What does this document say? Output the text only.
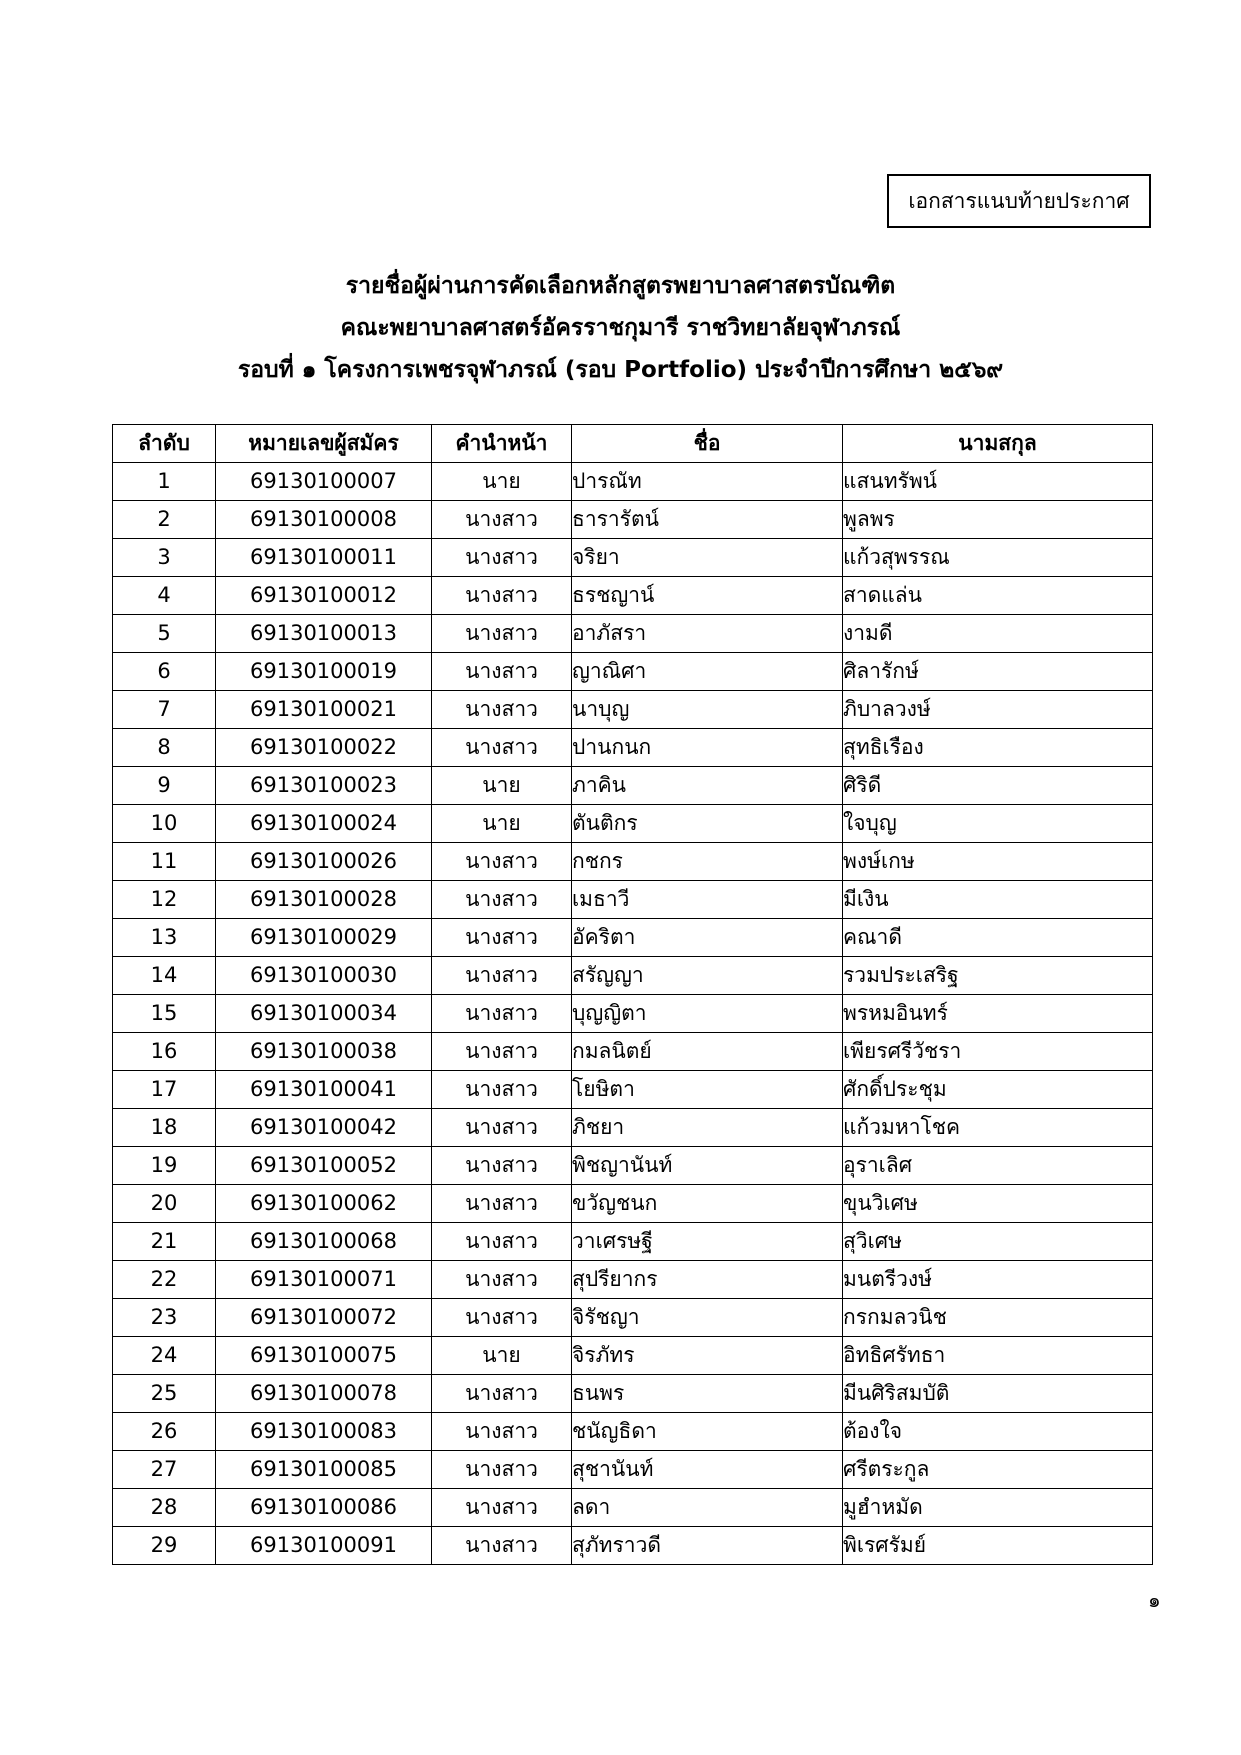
เอกสารแนบท้ายประกาศ
รายชื่อผู้ผ่านการคัดเลือกหลักสูตรพยาบาลศาสตรบัณฑิต
คณะพยาบาลศาสตร์อัครราชกุมารี ราชวิทยาลัยจุฬาภรณ์
รอบที่ ๑ โครงการเพชรจุฬาภรณ์ (รอบ Portfolio) ประจำปีการศึกษา ๒๕๖๙
ลำดับ	หมายเลขผู้สมัคร	คำนำหน้า	ชื่อ	นามสกุล
1	69130100007	นาย	ปารณัท	แสนทรัพน์
2	69130100008	นางสาว	ธารารัตน์	พูลพร
3	69130100011	นางสาว	จริยา	แก้วสุพรรณ
4	69130100012	นางสาว	ธรชญาน์	สาดแล่น
5	69130100013	นางสาว	อาภัสรา	งามดี
6	69130100019	นางสาว	ญาณิศา	ศิลารักษ์
7	69130100021	นางสาว	นาบุญ	ภิบาลวงษ์
8	69130100022	นางสาว	ปานกนก	สุทธิเรือง
9	69130100023	นาย	ภาคิน	ศิริดี
10	69130100024	นาย	ตันติกร	ใจบุญ
11	69130100026	นางสาว	กชกร	พงษ์เกษ
12	69130100028	นางสาว	เมธาวี	มีเงิน
13	69130100029	นางสาว	อัคริตา	คณาดี
14	69130100030	นางสาว	สรัญญา	รวมประเสริฐ
15	69130100034	นางสาว	บุญญิตา	พรหมอินทร์
16	69130100038	นางสาว	กมลนิตย์	เพียรศรีวัชรา
17	69130100041	นางสาว	โยษิตา	ศักดิ์ประชุม
18	69130100042	นางสาว	ภิชยา	แก้วมหาโชค
19	69130100052	นางสาว	พิชญานันท์	อุราเลิศ
20	69130100062	นางสาว	ขวัญชนก	ขุนวิเศษ
21	69130100068	นางสาว	วาเศรษฐี	สุวิเศษ
22	69130100071	นางสาว	สุปรียากร	มนตรีวงษ์
23	69130100072	นางสาว	จิรัชญา	กรกมลวนิช
24	69130100075	นาย	จิรภัทร	อิทธิศรัทธา
25	69130100078	นางสาว	ธนพร	มีนศิริสมบัติ
26	69130100083	นางสาว	ชนัญธิดา	ต้องใจ
27	69130100085	นางสาว	สุชานันท์	ศรีตระกูล
28	69130100086	นางสาว	ลดา	มูฮำหมัด
29	69130100091	นางสาว	สุภัทราวดี	พิเรศรัมย์
๑
